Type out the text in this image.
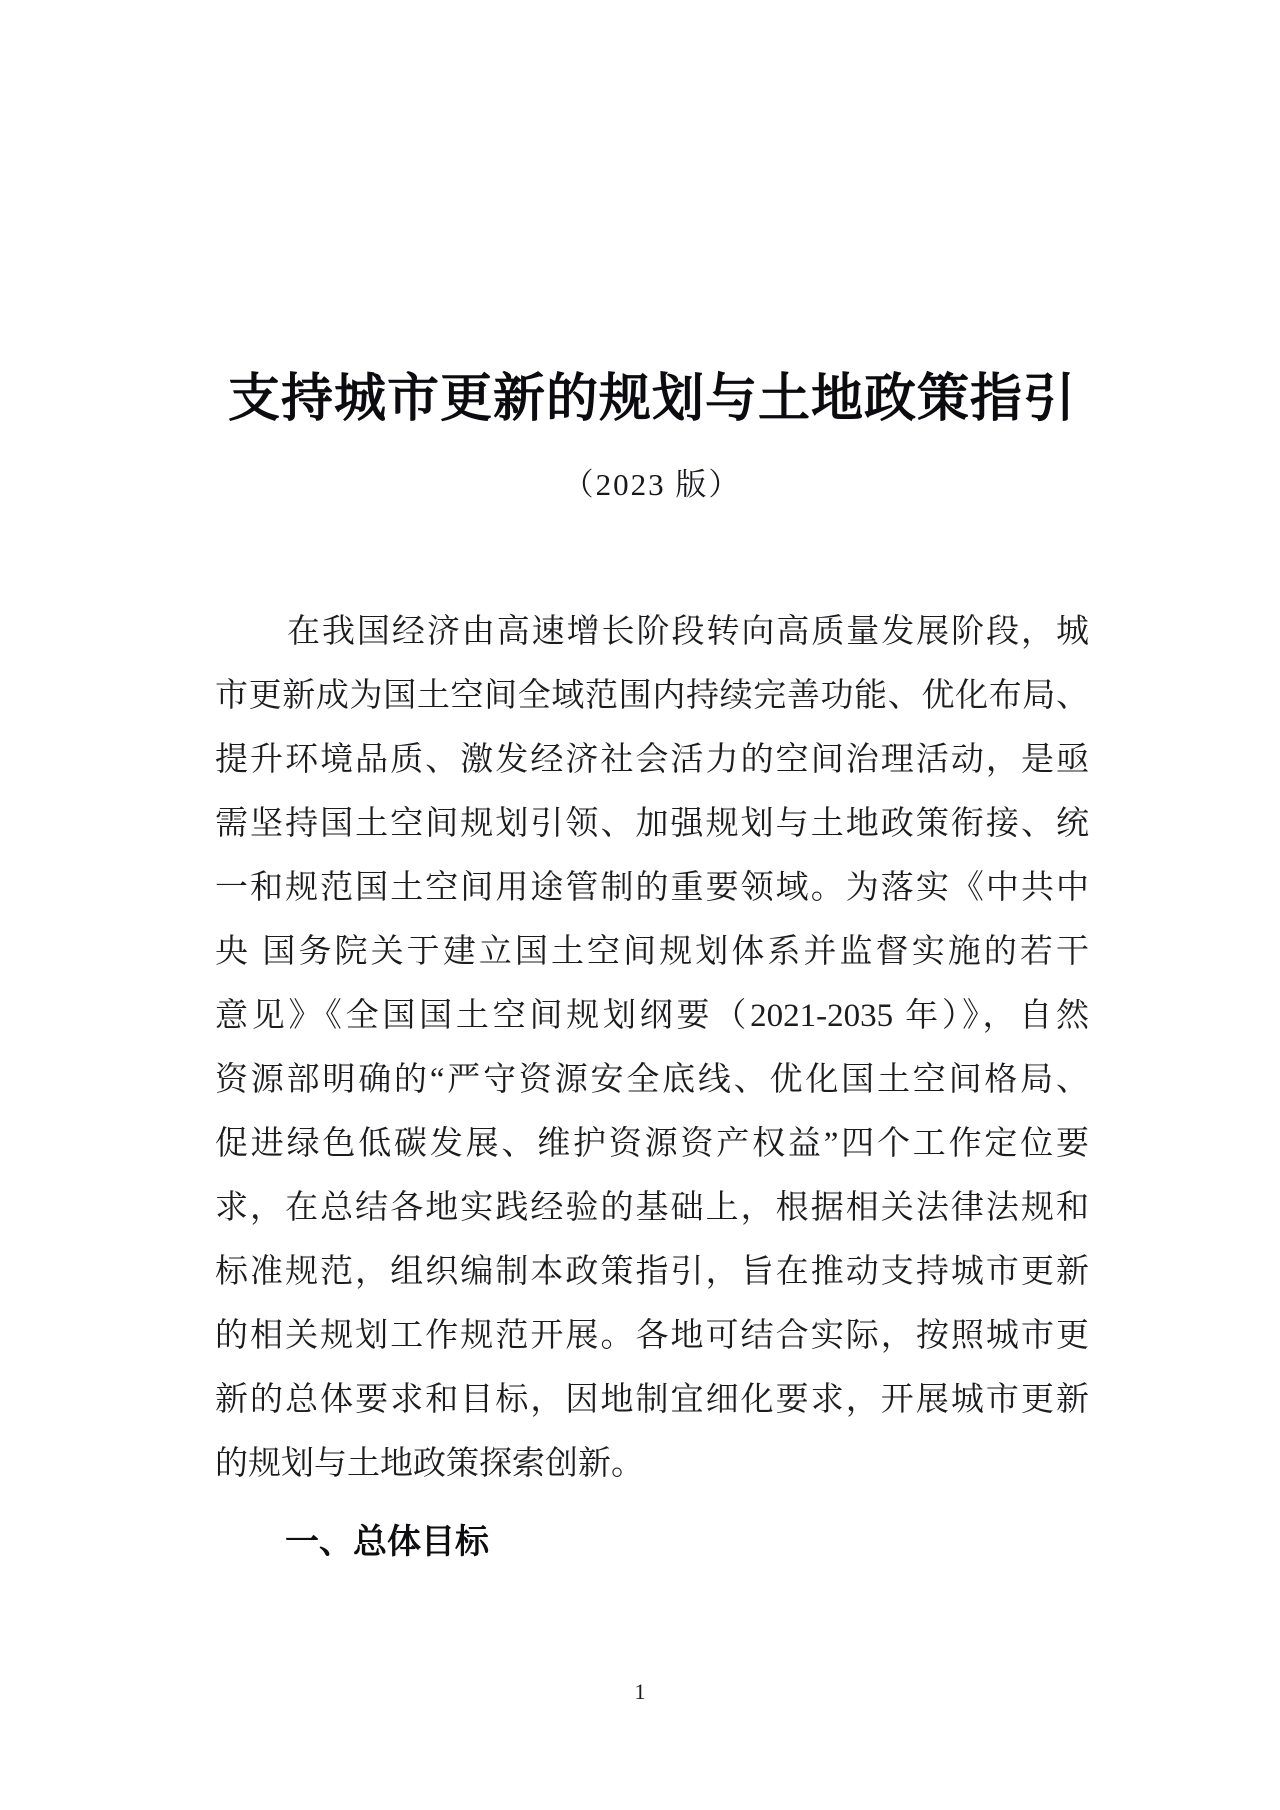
支持城市更新的规划与土地政策指引
（2023 版）
在我国经济由高速增长阶段转向高质量发展阶段，城
市更新成为国土空间全域范围内持续完善功能、优化布局、
提升环境品质、激发经济社会活力的空间治理活动，是亟
需坚持国土空间规划引领、加强规划与土地政策衔接、统
一和规范国土空间用途管制的重要领域。为落实《中共中
央 国务院关于建立国土空间规划体系并监督实施的若干
意见》《全国国土空间规划纲要（2021-2035 年）》，自然
资源部明确的“严守资源安全底线、优化国土空间格局、
促进绿色低碳发展、维护资源资产权益”四个工作定位要
求，在总结各地实践经验的基础上，根据相关法律法规和
标准规范，组织编制本政策指引，旨在推动支持城市更新
的相关规划工作规范开展。各地可结合实际，按照城市更
新的总体要求和目标，因地制宜细化要求，开展城市更新
的规划与土地政策探索创新。
一、总体目标
1
